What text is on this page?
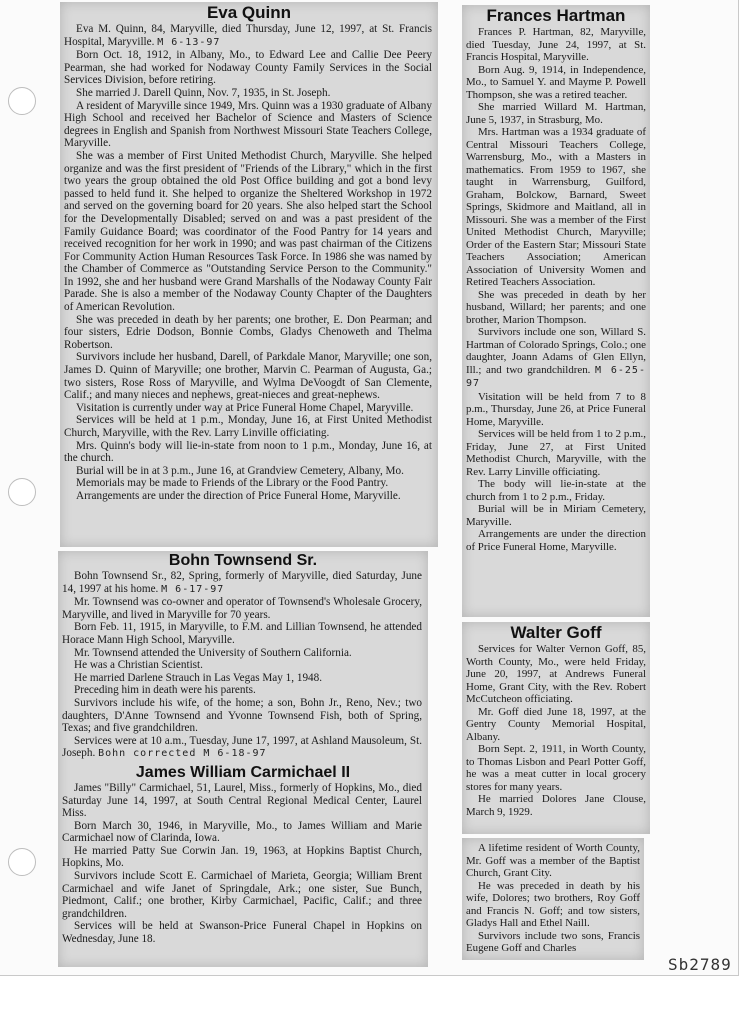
Eva Quinn

Eva M. Quinn, 84, Maryville, died Thursday, June 12, 1997, at St. Francis Hospital, Maryville. M 6-13-97

Born Oct. 18, 1912, in Albany, Mo., to Edward Lee and Callie Dee Peery Pearman, she had worked for Nodaway County Family Services in the Social Services Division, before retiring.

She married J. Darell Quinn, Nov. 7, 1935, in St. Joseph.

A resident of Maryville since 1949, Mrs. Quinn was a 1930 graduate of Albany High School and received her Bachelor of Science and Masters of Science degrees in English and Spanish from Northwest Missouri State Teachers College, Maryville.

She was a member of First United Methodist Church, Maryville. She helped organize and was the first president of "Friends of the Library," which in the first two years the group obtained the old Post Office building and got a bond levy passed to held fund it. She helped to organize the Sheltered Workshop in 1972 and served on the governing board for 20 years. She also helped start the School for the Developmentally Disabled; served on and was a past president of the Family Guidance Board; was coordinator of the Food Pantry for 14 years and received recognition for her work in 1990; and was past chairman of the Citizens For Community Action Human Resources Task Force. In 1986 she was named by the Chamber of Commerce as "Outstanding Service Person to the Community." In 1992, she and her husband were Grand Marshalls of the Nodaway County Fair Parade. She is also a member of the Nodaway County Chapter of the Daughters of American Revolution.

She was preceded in death by her parents; one brother, E. Don Pearman; and four sisters, Edrie Dodson, Bonnie Combs, Gladys Chenoweth and Thelma Robertson.

Survivors include her husband, Darell, of Parkdale Manor, Maryville; one son, James D. Quinn of Maryville; one brother, Marvin C. Pearman of Augusta, Ga.; two sisters, Rose Ross of Maryville, and Wylma DeVoogdt of San Clemente, Calif.; and many nieces and nephews, great-nieces and great-nephews.

Visitation is currently under way at Price Funeral Home Chapel, Maryville.

Services will be held at 1 p.m., Monday, June 16, at First United Methodist Church, Maryville, with the Rev. Larry Linville officiating.

Mrs. Quinn's body will lie-in-state from noon to 1 p.m., Monday, June 16, at the church.

Burial will be in at 3 p.m., June 16, at Grandview Cemetery, Albany, Mo.

Memorials may be made to Friends of the Library or the Food Pantry.

Arrangements are under the direction of Price Funeral Home, Maryville.

Bohn Townsend Sr.

Bohn Townsend Sr., 82, Spring, formerly of Maryville, died Saturday, June 14, 1997 at his home. M 6-17-97

Mr. Townsend was co-owner and operator of Townsend's Wholesale Grocery, Maryville, and lived in Maryville for 70 years.

Born Feb. 11, 1915, in Maryville, to F.M. and Lillian Townsend, he attended Horace Mann High School, Maryville.

Mr. Townsend attended the University of Southern California.

He was a Christian Scientist.

He married Darlene Strauch in Las Vegas May 1, 1948.

Preceding him in death were his parents.

Survivors include his wife, of the home; a son, Bohn Jr., Reno, Nev.; two daughters, D'Anne Townsend and Yvonne Townsend Fish, both of Spring, Texas; and five grandchildren.

Services were at 10 a.m., Tuesday, June 17, 1997, at Ashland Mausoleum, St. Joseph. Bohn corrected M 6-18-97

James William Carmichael II

James "Billy" Carmichael, 51, Laurel, Miss., formerly of Hopkins, Mo., died Saturday June 14, 1997, at South Central Regional Medical Center, Laurel Miss.

Born March 30, 1946, in Maryville, Mo., to James William and Marie Carmichael now of Clarinda, Iowa.

He married Patty Sue Corwin Jan. 19, 1963, at Hopkins Baptist Church, Hopkins, Mo.

Survivors include Scott E. Carmichael of Marieta, Georgia; William Brent Carmichael and wife Janet of Springdale, Ark.; one sister, Sue Bunch, Piedmont, Calif.; one brother, Kirby Carmichael, Pacific, Calif.; and three grandchildren.

Services will be held at Swanson-Price Funeral Chapel in Hopkins on Wednesday, June 18.

Frances Hartman

Frances P. Hartman, 82, Maryville, died Tuesday, June 24, 1997, at St. Francis Hospital, Maryville.

Born Aug. 9, 1914, in Independence, Mo., to Samuel Y. and Mayme P. Powell Thompson, she was a retired teacher.

She married Willard M. Hartman, June 5, 1937, in Strasburg, Mo.

Mrs. Hartman was a 1934 graduate of Central Missouri Teachers College, Warrensburg, Mo., with a Masters in mathematics. From 1959 to 1967, she taught in Warrensburg, Guilford, Graham, Bolckow, Barnard, Sweet Springs, Skidmore and Maitland, all in Missouri. She was a member of the First United Methodist Church, Maryville; Order of the Eastern Star; Missouri State Teachers Association; American Association of University Women and Retired Teachers Association.

She was preceded in death by her husband, Willard; her parents; and one brother, Marion Thompson.

Survivors include one son, Willard S. Hartman of Colorado Springs, Colo.; one daughter, Joann Adams of Glen Ellyn, Ill.; and two grandchildren. M 6-25-97

Visitation will be held from 7 to 8 p.m., Thursday, June 26, at Price Funeral Home, Maryville.

Services will be held from 1 to 2 p.m., Friday, June 27, at First United Methodist Church, Maryville, with the Rev. Larry Linville officiating.

The body will lie-in-state at the church from 1 to 2 p.m., Friday.

Burial will be in Miriam Cemetery, Maryville.

Arrangements are under the direction of Price Funeral Home, Maryville.

Walter Goff

Services for Walter Vernon Goff, 85, Worth County, Mo., were held Friday, June 20, 1997, at Andrews Funeral Home, Grant City, with the Rev. Robert McCutcheon officiating.

Mr. Goff died June 18, 1997, at the Gentry County Memorial Hospital, Albany.

Born Sept. 2, 1911, in Worth County, to Thomas Lisbon and Pearl Potter Goff, he was a meat cutter in local grocery stores for many years.

He married Dolores Jane Clouse, March 9, 1929.

A lifetime resident of Worth County, Mr. Goff was a member of the Baptist Church, Grant City.

He was preceded in death by his wife, Dolores; two brothers, Roy Goff and Francis N. Goff; and tow sisters, Gladys Hall and Ethel Naill.

Survivors include two sons, Francis Eugene Goff and Charles

Sb2789
